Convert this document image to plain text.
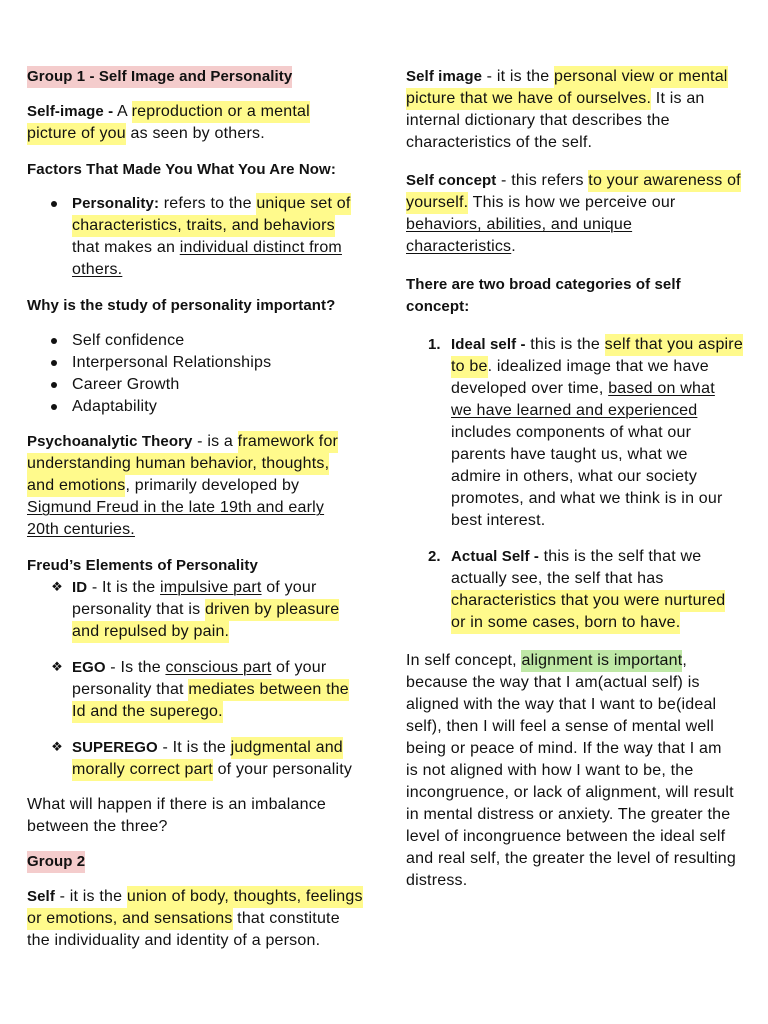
Group 1 - Self Image and Personality
Self-image - A reproduction or a mental
picture of you as seen by others.
Factors That Made You What You Are Now:
Personality: refers to the unique set of
characteristics, traits, and behaviors
that makes an individual distinct from
others.
Why is the study of personality important?
Self confidence
Interpersonal Relationships
Career Growth
Adaptability
Psychoanalytic Theory - is a framework for
understanding human behavior, thoughts,
and emotions , primarily developed by
Sigmund Freud in the late 19th and early
20th centuries.
Freud’s Elements of Personality
❖
ID - It is the impulsive part of your
personality that is driven by pleasure
and repulsed by pain.
❖
EGO - Is the conscious part of your
personality that mediates between the
Id and the superego.
❖
SUPEREGO - It is the judgmental and
morally correct part of your personality
What will happen if there is an imbalance
between the three?
Group 2
Self - it is the union of body, thoughts, feelings
or emotions, and sensations that constitute
the individuality and identity of a person.
Self image - it is the personal view or mental
picture that we have of ourselves. It is an
internal dictionary that describes the
characteristics of the self.
Self concept - this refers to your awareness of
yourself. This is how we perceive our
behaviors, abilities, and unique
characteristics .
There are two broad categories of self
concept:
1. Ideal self - this is the self that you aspire
to be . idealized image that we have
developed over time, based on what
we have learned and experienced
includes components of what our
parents have taught us, what we
admire in others, what our society
promotes, and what we think is in our
best interest.
2. Actual Self - this is the self that we
actually see, the self that has
characteristics that you were nurtured
or in some cases, born to have.
In self concept, alignment is important ,
because the way that I am(actual self) is
aligned with the way that I want to be(ideal
self), then I will feel a sense of mental well
being or peace of mind. If the way that I am
is not aligned with how I want to be, the
incongruence, or lack of alignment, will result
in mental distress or anxiety. The greater the
level of incongruence between the ideal self
and real self, the greater the level of resulting
distress.
